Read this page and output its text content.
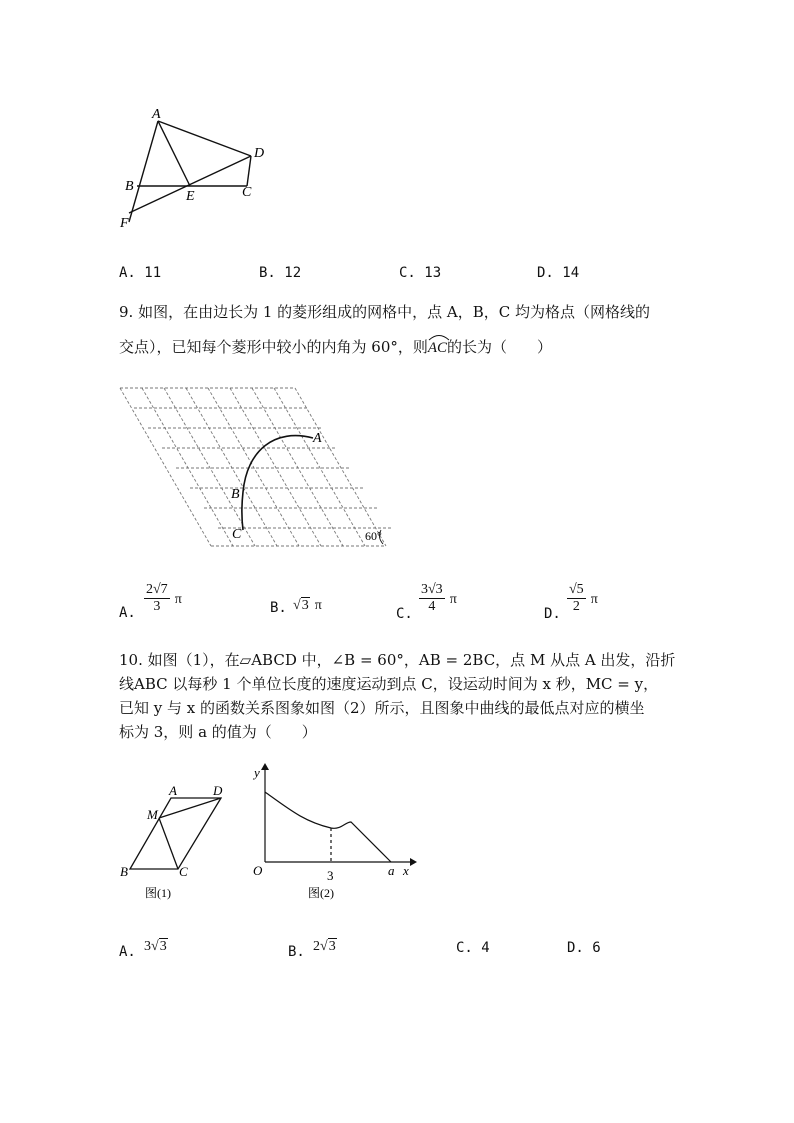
A
D
B
E	C
F
A. 11	B. 12	C. 13	D. 14
9. 如图，在由边长为 1 的菱形组成的网格中，点 A，B，C 均为格点（网格线的
交点），已知每个菱形中较小的内角为 60°，则
AC的长为（　　）
A
B
C	60°
A. $\frac{2√7}{3}$ π
B. √3 π
C. $\frac{3√3}{4}$ π
D. $\frac{√5}{2}$ π
10. 如图（1），在▱ABCD 中，∠B = 60°，AB = 2BC，点 M 从点 A 出发，沿折
线ABC 以每秒 1 个单位长度的速度运动到点 C，设运动时间为 x 秒，MC = y，
已知 y 与 x 的函数关系图象如图（2）所示，且图象中曲线的最低点对应的横坐
标为 3，则 a 的值为（　　）
A	D
M
B	C
图(1)
y
O	3	a x
图(2)
A. 3√3	B. 2√3	C. 4	D. 6
